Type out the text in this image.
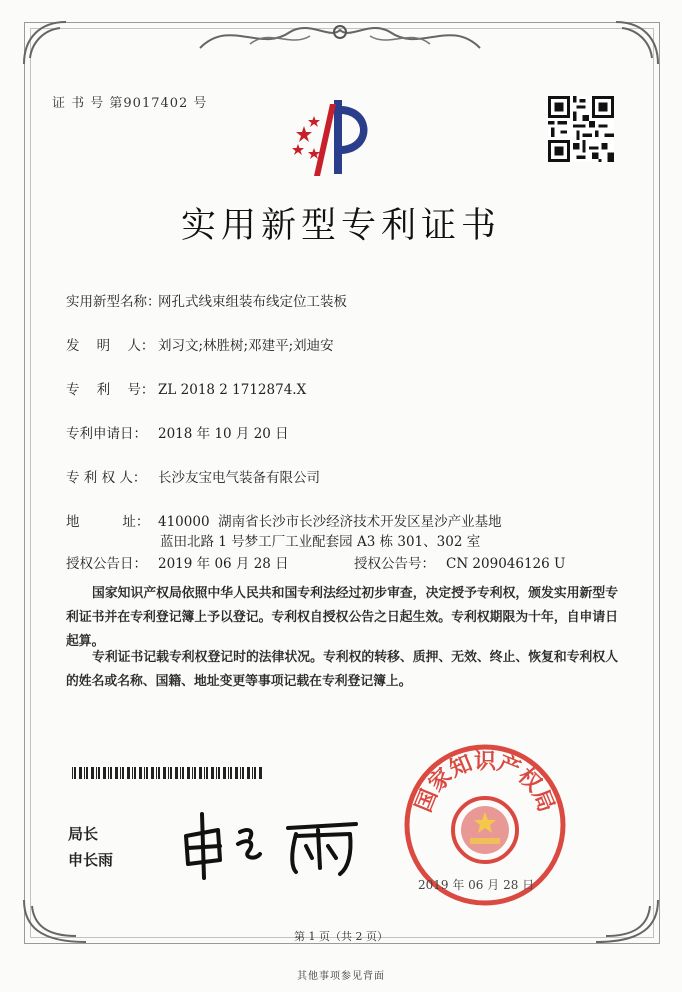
证 书 号 第9017402 号
实用新型专利证书
实用新型名称：网孔式线束组装布线定位工装板
发    明    人： 刘习文;林胜树;邓建平;刘迪安
专    利    号： ZL 2018 2 1712874.X
专利申请日： 2018 年 10 月 20 日
专 利 权 人： 长沙友宝电气装备有限公司
地          址： 410000  湖南省长沙市长沙经济技术开发区星沙产业基地
蓝田北路 1 号梦工厂工业配套园 A3 栋 301、302 室
授权公告日： 2019 年 06 月 28 日	授权公告号： CN 209046126 U
国家知识产权局依照中华人民共和国专利法经过初步审查，决定授予专利权，颁发实用新型专利证书并在专利登记簿上予以登记。专利权自授权公告之日起生效。专利权期限为十年，自申请日起算。
专利证书记载专利权登记时的法律状况。专利权的转移、质押、无效、终止、恢复和专利权人的姓名或名称、国籍、地址变更等事项记载在专利登记簿上。
局长
申长雨
国家知识产权局
2019 年 06 月 28 日
第 1 页（共 2 页）
其他事项参见背面
